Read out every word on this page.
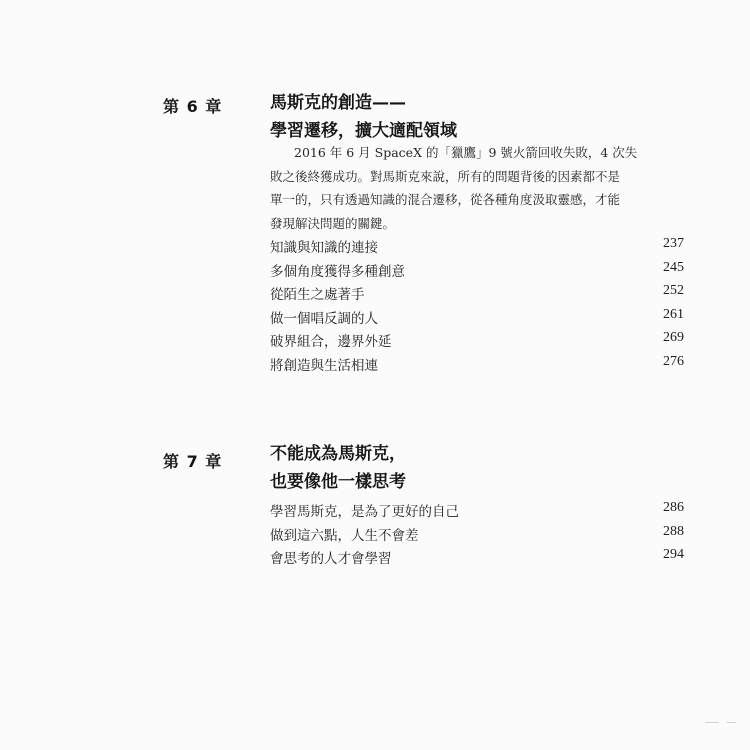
第 6 章	馬斯克的創造——
學習遷移，擴大適配領域
2016 年 6 月 SpaceX 的「獵鷹」9 號火箭回收失敗，4 次失
敗之後終獲成功。對馬斯克來說，所有的問題背後的因素都不是
單一的，只有透過知識的混合遷移，從各種角度汲取靈感，才能
發現解決問題的關鍵。
知識與知識的連接	237
多個角度獲得多種創意	245
從陌生之處著手	252
做一個唱反調的人	261
破界組合，邊界外延	269
將創造與生活相連	276
第 7 章	不能成為馬斯克，
也要像他一樣思考
學習馬斯克，是為了更好的自己	286
做到這六點，人生不會差	288
會思考的人才會學習	294
